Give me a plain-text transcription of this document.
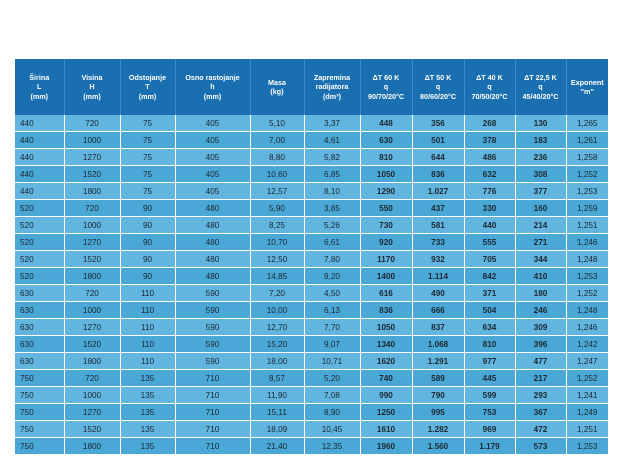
Širina
L
(mm)	Visina
H
(mm)	Odstojanje
T
(mm)	Osno rastojanje
h
(mm)	Masa
(kg)	Zapremina
radijatora
(dm³)	ΔT 60 K
q
90/70/20°C	ΔT 50 K
q
80/60/20°C	ΔT 40 K
q
70/50/20°C	ΔT 22,5 K
q
45/40/20°C	Exponent
"m"

440	720	75	405	5,10	3,37	448	356	268	130	1,265
440	1000	75	405	7,00	4,61	630	501	378	183	1,261
440	1270	75	405	8,80	5,82	810	644	486	236	1,258
440	1520	75	405	10,60	6,85	1050	836	632	308	1,252
440	1800	75	405	12,57	8,10	1290	1.027	776	377	1,253
520	720	90	480	5,90	3,85	550	437	330	160	1,259
520	1000	90	480	8,25	5,26	730	581	440	214	1,251
520	1270	90	480	10,70	6,61	920	733	555	271	1,246
520	1520	90	480	12,50	7,80	1170	932	705	344	1,248
520	1800	90	480	14,85	9,20	1400	1.114	842	410	1,253
630	720	110	590	7,20	4,50	616	490	371	180	1,252
630	1000	110	590	10,00	6,13	836	666	504	246	1,248
630	1270	110	590	12,70	7,70	1050	837	634	309	1,246
630	1520	110	590	15,20	9,07	1340	1.068	810	396	1,242
630	1800	110	590	18,00	10,71	1620	1.291	977	477	1,247
750	720	135	710	8,57	5,20	740	589	445	217	1,252
750	1000	135	710	11,90	7,08	990	790	599	293	1,241
750	1270	135	710	15,11	8,90	1250	995	753	367	1,249
750	1520	135	710	18,09	10,45	1610	1.282	969	472	1,251
750	1800	135	710	21,40	12,35	1960	1.560	1.179	573	1,253
